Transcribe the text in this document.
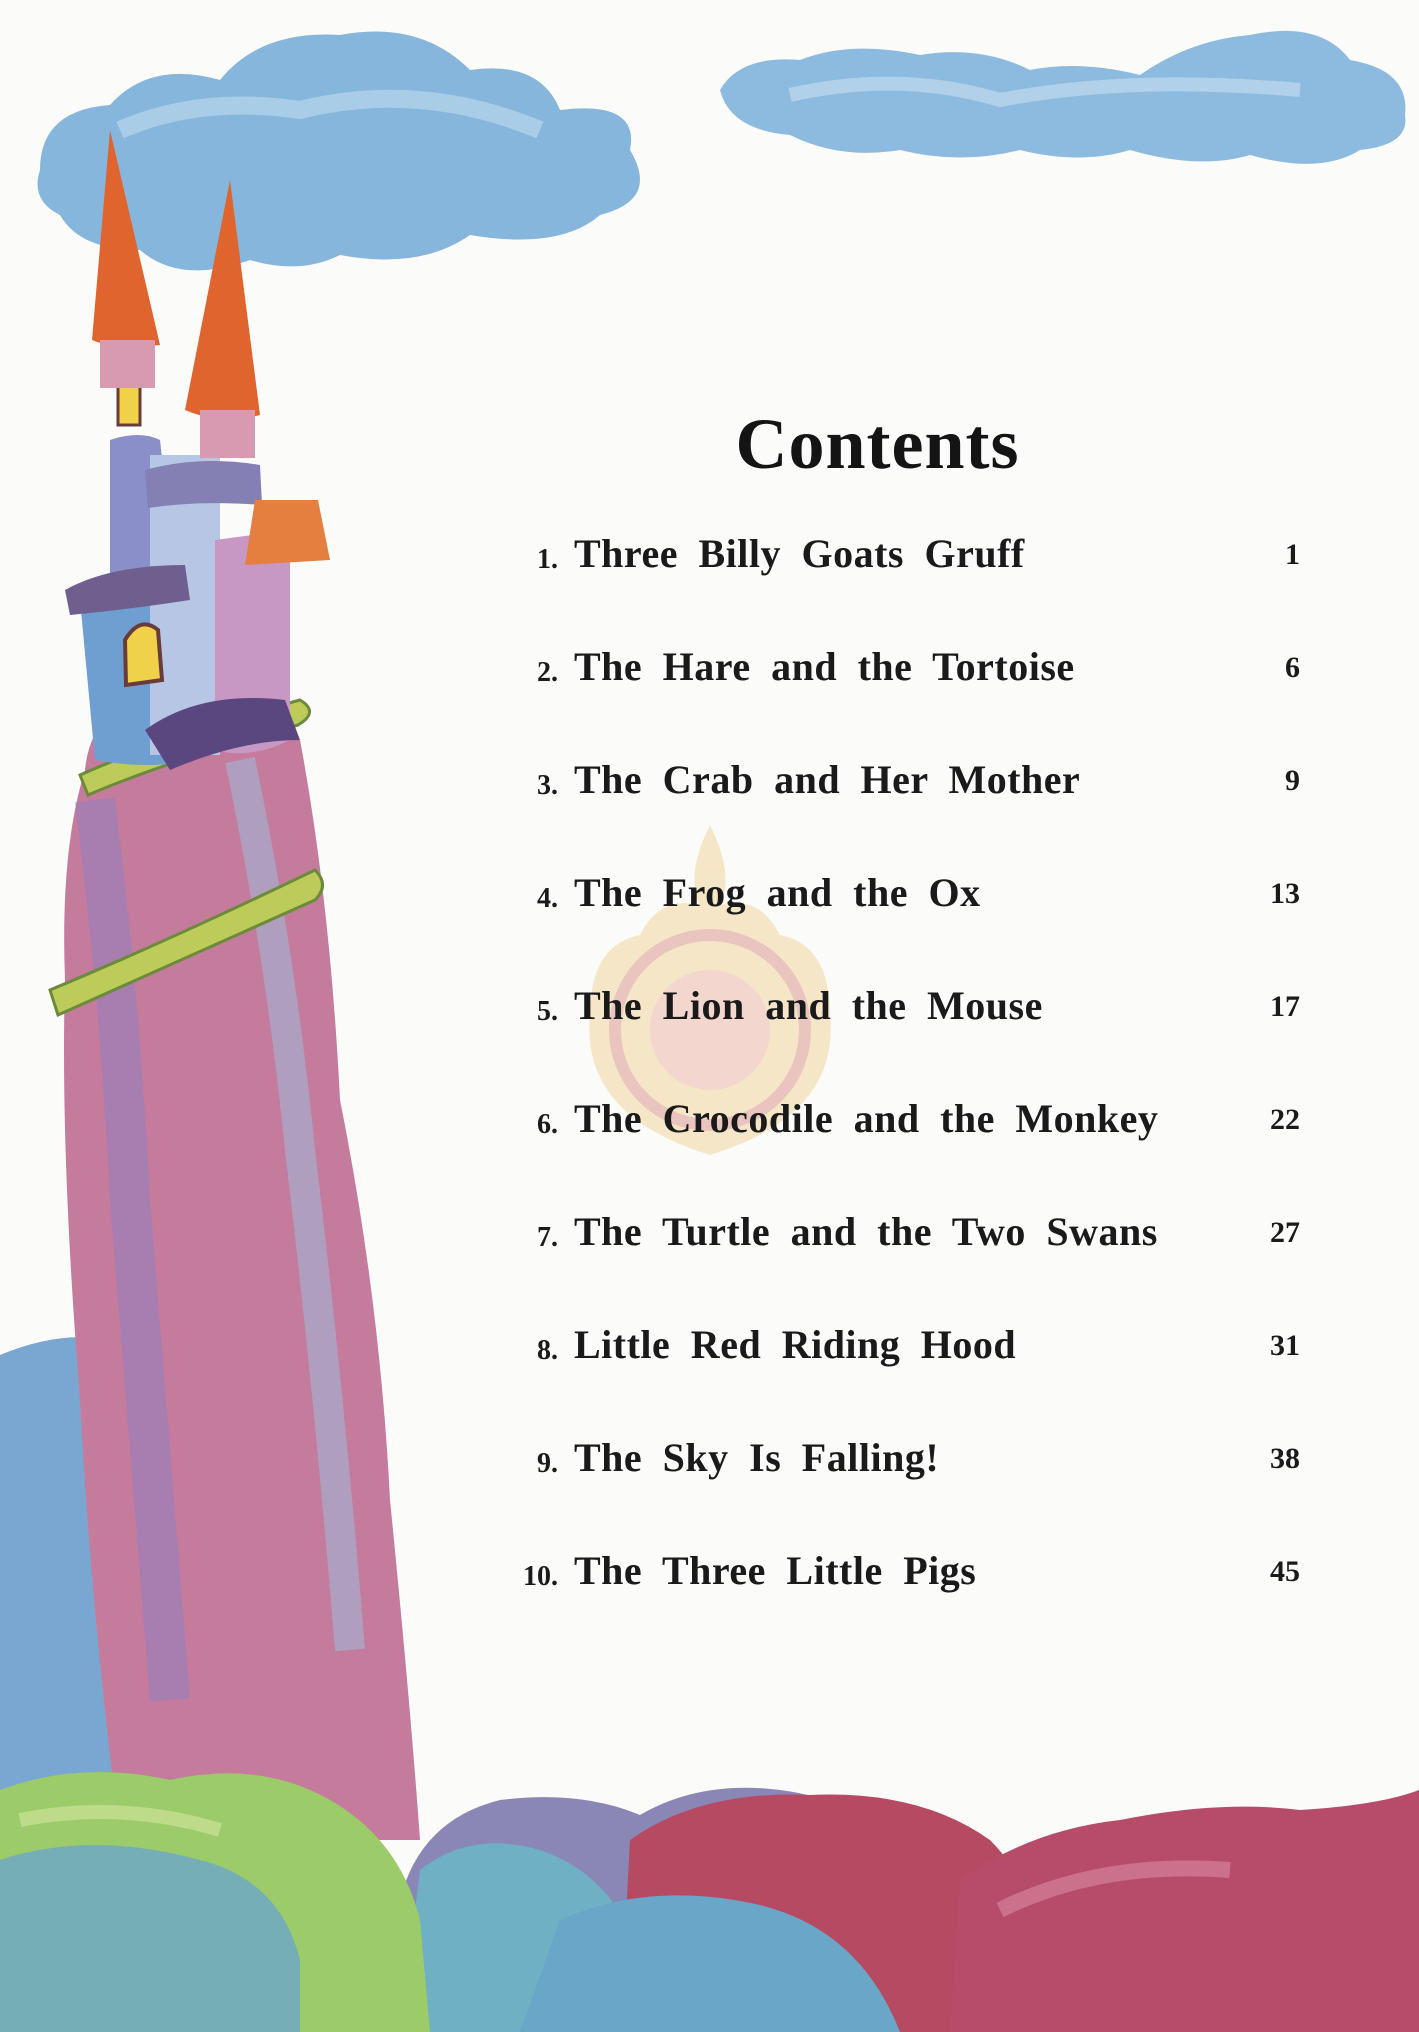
Contents
1. Three Billy Goats Gruff	1
2. The Hare and the Tortoise	6
3. The Crab and Her Mother	9
4. The Frog and the Ox	13
5. The Lion and the Mouse	17
6. The Crocodile and the Monkey	22
7. The Turtle and the Two Swans	27
8. Little Red Riding Hood	31
9. The Sky Is Falling!	38
10. The Three Little Pigs	45
